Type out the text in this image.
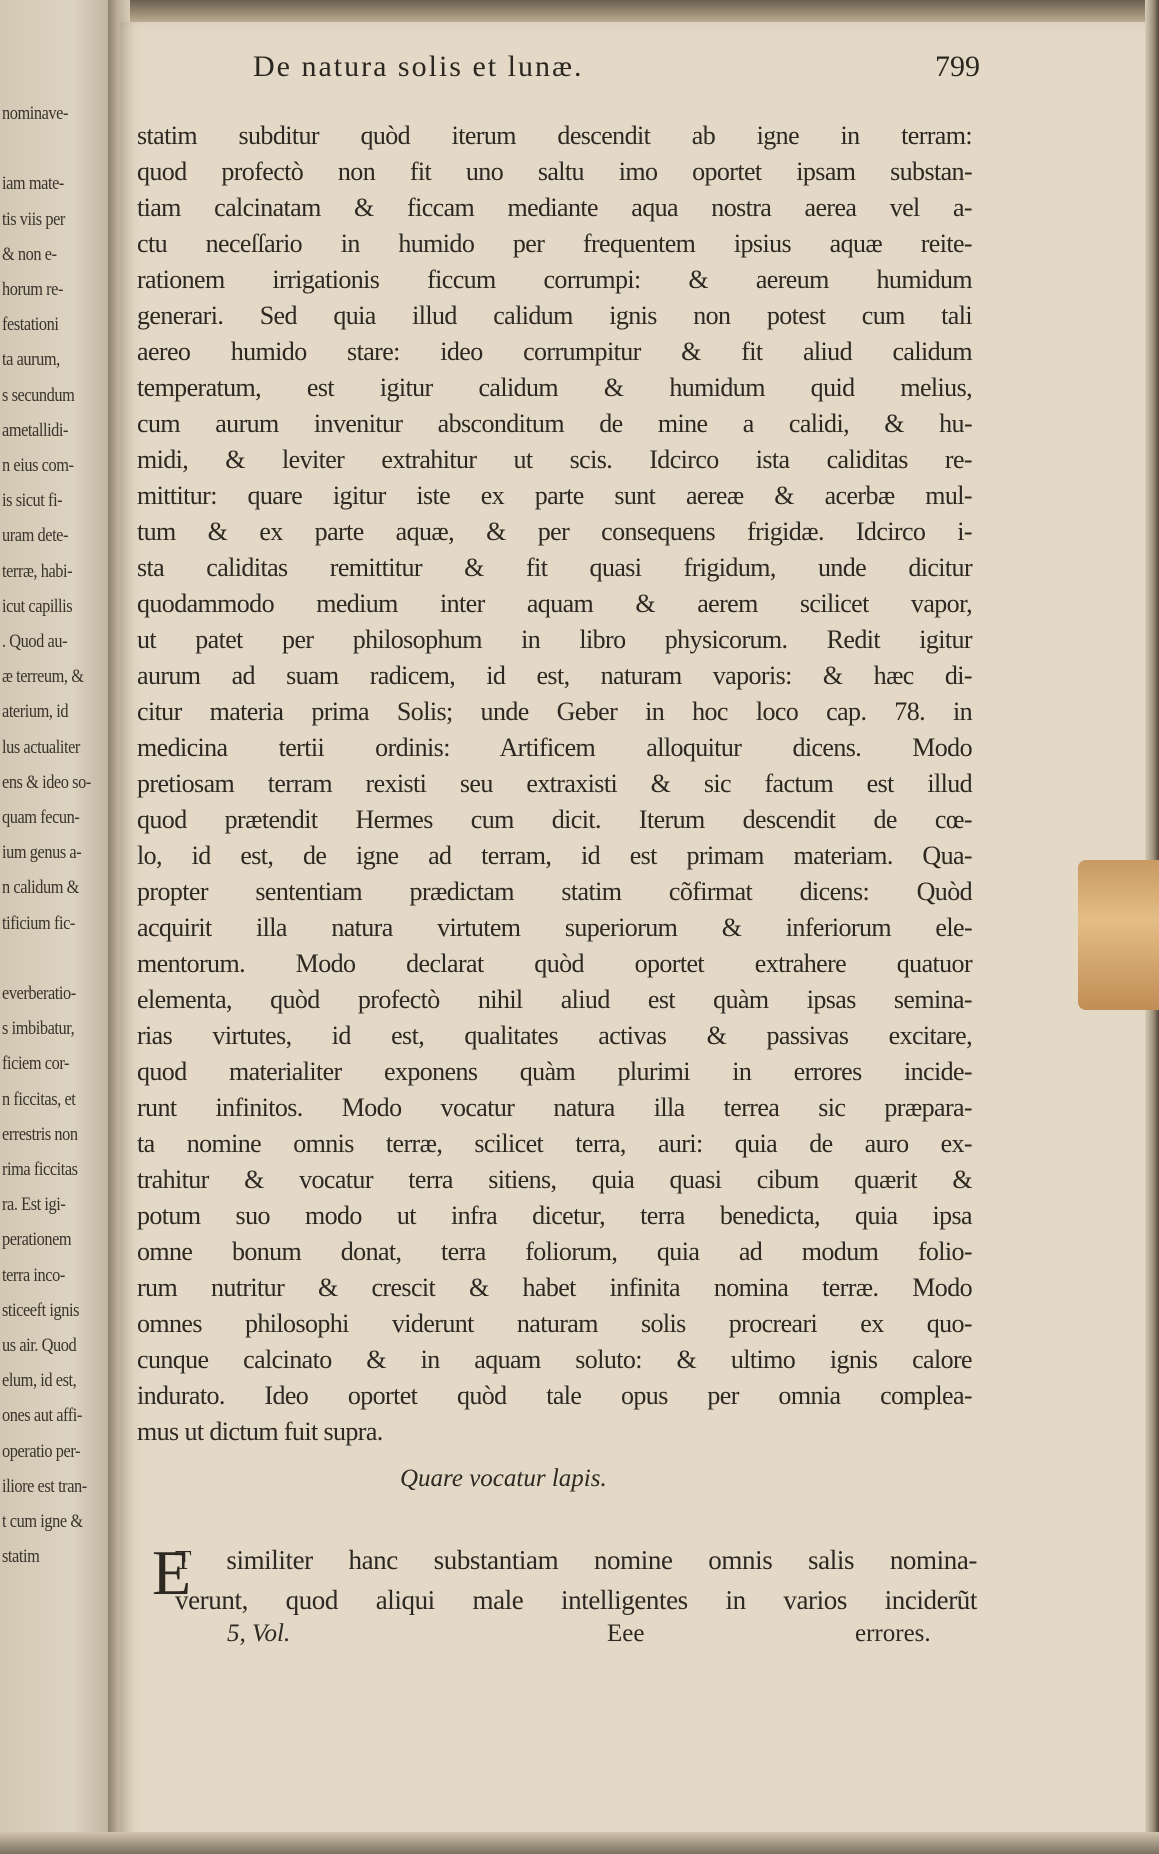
nominave-
iam mate-
tis viis per
& non e-
horum re-
festationi
ta aurum,
s secundum
ametallidi-
n eius com-
is sicut fi-
uram dete-
terræ, habi-
icut capillis
. Quod au-
æ terreum, &
aterium, id
lus actualiter
ens & ideo so-
quam fecun-
ium genus a-
n calidum &
tificium fic-
everberatio-
s imbibatur,
ficiem cor-
n ficcitas, et
errestris non
rima ficcitas
ra. Est igi-
perationem
terra inco-
sticeeft ignis
us air. Quod
elum, id est,
ones aut affi-
operatio per-
iliore est tran-
t cum igne &
statim
De natura solis et lunæ.	799
statim subditur quòd iterum descendit ab igne in terram:
quod profectò non fit uno saltu imo oportet ipsam substan-
tiam calcinatam & ficcam mediante aqua nostra aerea vel a-
ctu neceſſario in humido per frequentem ipsius aquæ reite-
rationem irrigationis ficcum corrumpi: & aereum humidum
generari. Sed quia illud calidum ignis non potest cum tali
aereo humido stare: ideo corrumpitur & fit aliud calidum
temperatum, est igitur calidum & humidum quid melius,
cum aurum invenitur absconditum de mine a calidi, & hu-
midi, & leviter extrahitur ut scis. Idcirco ista caliditas re-
mittitur: quare igitur iste ex parte sunt aereæ & acerbæ mul-
tum & ex parte aquæ, & per consequens frigidæ. Idcirco i-
sta caliditas remittitur & fit quasi frigidum, unde dicitur
quodammodo medium inter aquam & aerem scilicet vapor,
ut patet per philosophum in libro physicorum. Redit igitur
aurum ad suam radicem, id est, naturam vaporis: & hæc di-
citur materia prima Solis; unde Geber in hoc loco cap. 78. in
medicina tertii ordinis: Artificem alloquitur dicens. Modo
pretiosam terram rexisti seu extraxisti & sic factum est illud
quod prætendit Hermes cum dicit. Iterum descendit de cœ-
lo, id est, de igne ad terram, id est primam materiam. Qua-
propter sententiam prædictam statim cõfirmat dicens: Quòd
acquirit illa natura virtutem superiorum & inferiorum ele-
mentorum. Modo declarat quòd oportet extrahere quatuor
elementa, quòd profectò nihil aliud est quàm ipsas semina-
rias virtutes, id est, qualitates activas & passivas excitare,
quod materialiter exponens quàm plurimi in errores incide-
runt infinitos. Modo vocatur natura illa terrea sic præpara-
ta nomine omnis terræ, scilicet terra, auri: quia de auro ex-
trahitur & vocatur terra sitiens, quia quasi cibum quærit &
potum suo modo ut infra dicetur, terra benedicta, quia ipsa
omne bonum donat, terra foliorum, quia ad modum folio-
rum nutritur & crescit & habet infinita nomina terræ. Modo
omnes philosophi viderunt naturam solis procreari ex quo-
cunque calcinato & in aquam soluto: & ultimo ignis calore
indurato. Ideo oportet quòd tale opus per omnia complea-
mus ut dictum fuit supra.
Quare vocatur lapis.
E
T similiter hanc substantiam nomine omnis salis nomina-
verunt, quod aliqui male intelligentes in varios inciderũt
5, Vol.	Eee	errores.
